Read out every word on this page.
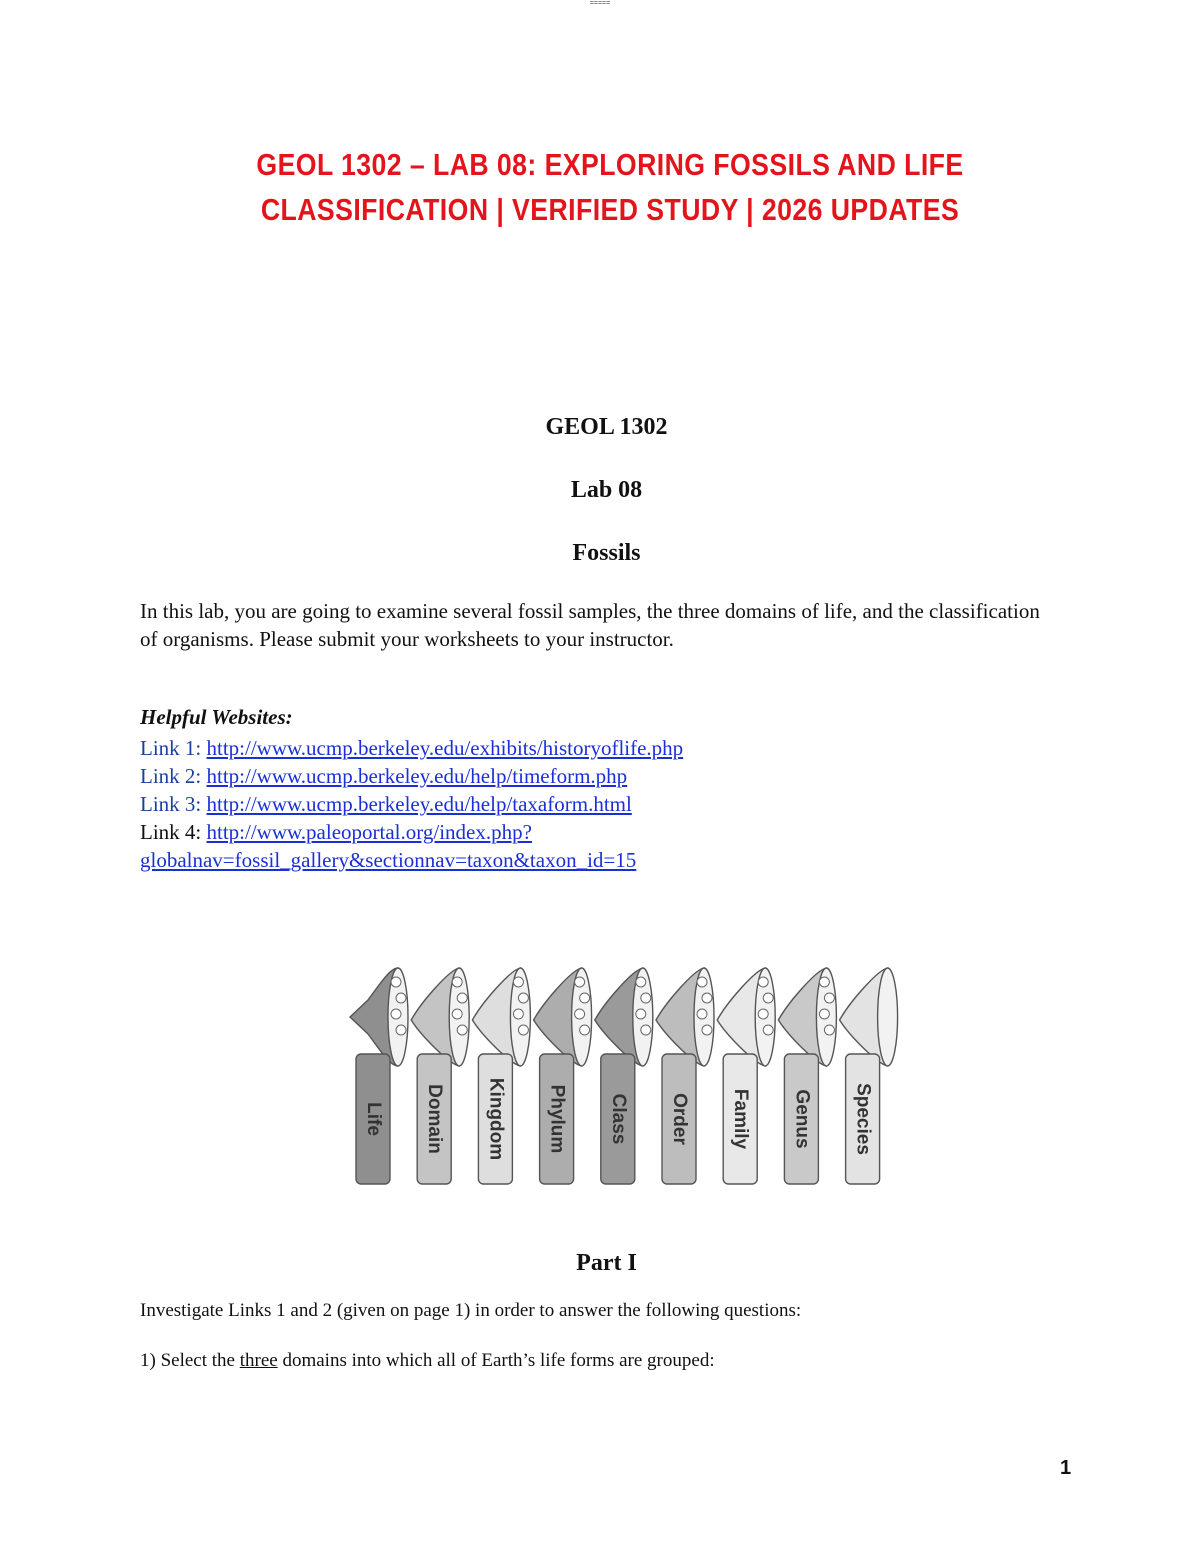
=====
GEOL 1302 – LAB 08: EXPLORING FOSSILS AND LIFE CLASSIFICATION | VERIFIED STUDY | 2026 UPDATES
GEOL 1302
Lab 08
Fossils
In this lab, you are going to examine several fossil samples, the three domains of life, and the classification of organisms. Please submit your worksheets to your instructor.
Helpful Websites:
Link 1: http://www.ucmp.berkeley.edu/exhibits/historyoflife.php
Link 2: http://www.ucmp.berkeley.edu/help/timeform.php
Link 3: http://www.ucmp.berkeley.edu/help/taxaform.html
Link 4: http://www.paleoportal.org/index.php?
globalnav=fossil_gallery&sectionnav=taxon&taxon_id=15
Life Domain Kingdom Phylum Class Order Family Genus Species
Part I
Investigate Links 1 and 2 (given on page 1) in order to answer the following questions:
1) Select the three domains into which all of Earth’s life forms are grouped:
1
